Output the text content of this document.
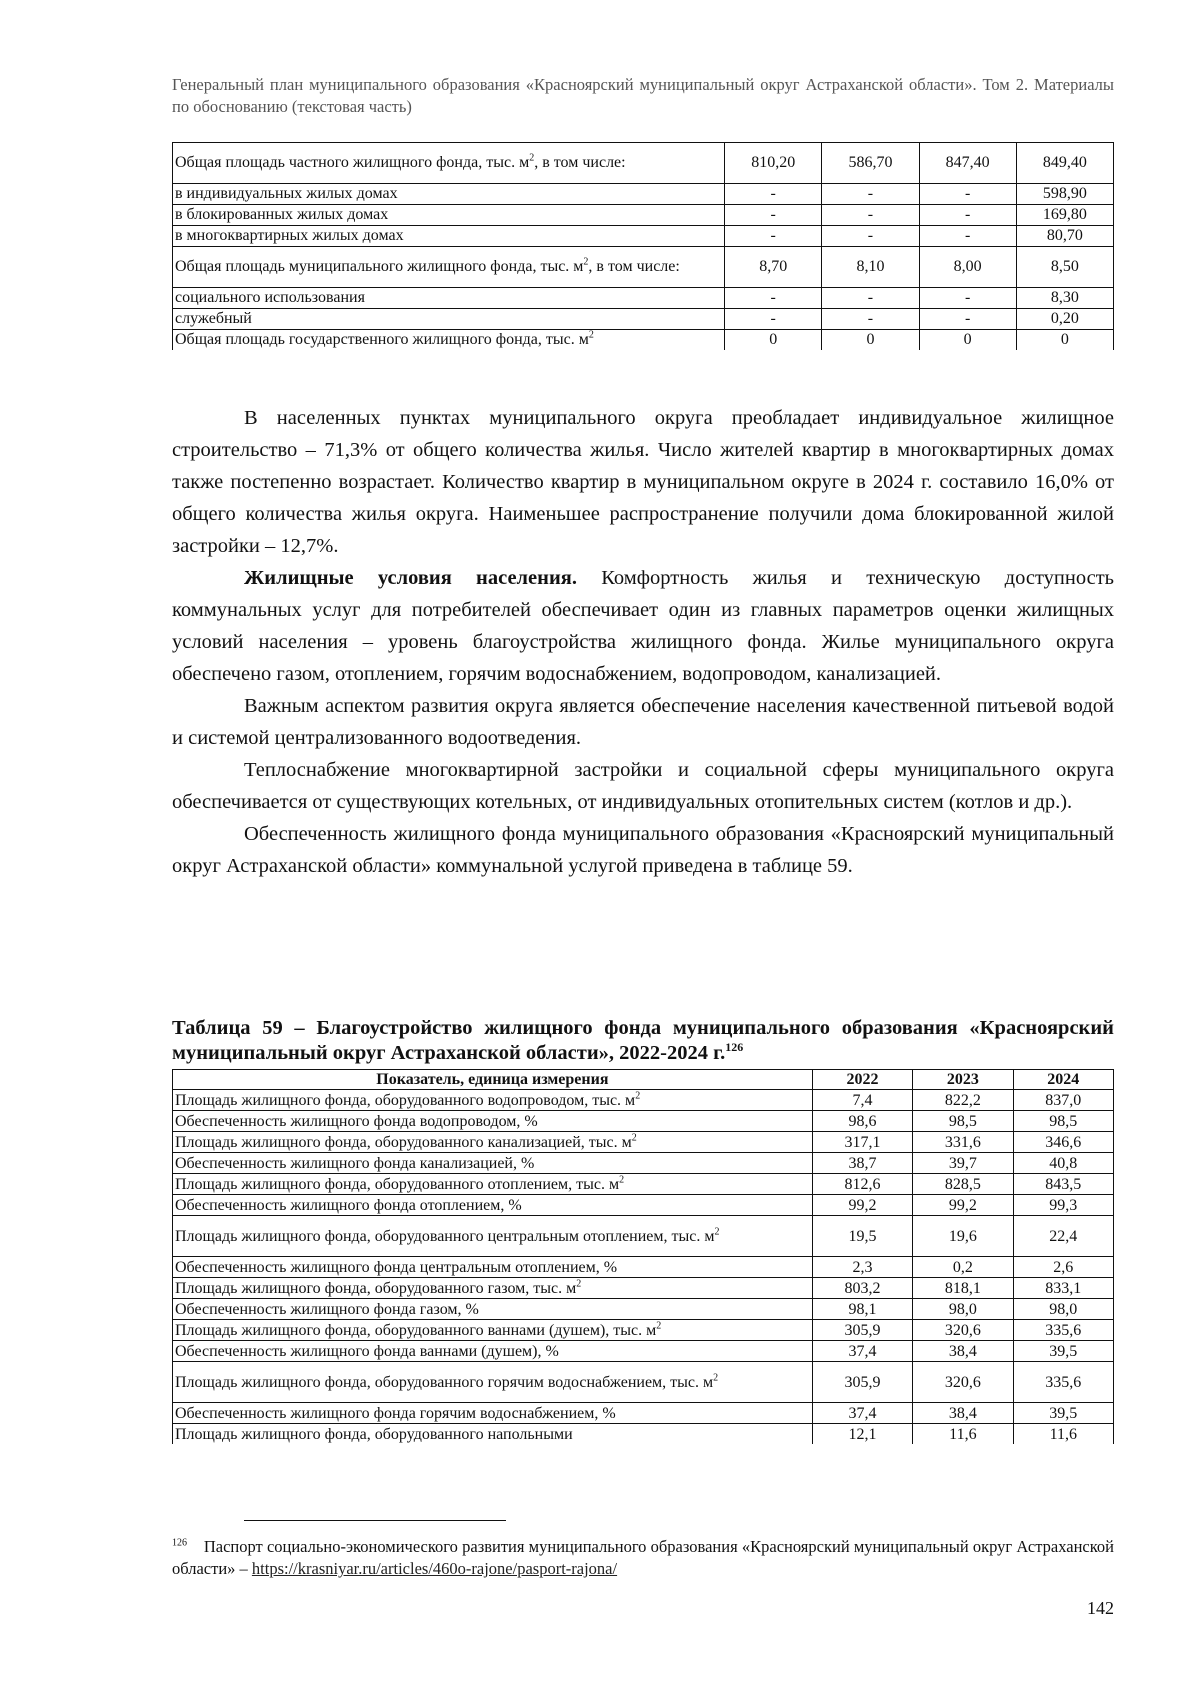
Генеральный план муниципального образования «Красноярский муниципальный округ Астраханской области». Том 2. Материалы по обоснованию (текстовая часть)
Общая площадь частного жилищного фонда, тыс. $м^2$, в том числе:	810,20	586,70	847,40	849,40
в индивидуальных жилых домах	-	-	-	598,90
в блокированных жилых домах	-	-	-	169,80
в многоквартирных жилых домах	-	-	-	80,70
Общая площадь муниципального жилищного фонда, тыс. $м^2$, в том числе:	8,70	8,10	8,00	8,50
социального использования	-	-	-	8,30
служебный	-	-	-	0,20
Общая площадь государственного жилищного фонда, тыс. $м^2$	0	0	0	0

В населенных пунктах муниципального округа преобладает индивидуальное жилищное строительство – 71,3% от общего количества жилья. Число жителей квартир в многоквартирных домах также постепенно возрастает. Количество квартир в муниципальном округе в 2024 г. составило 16,0% от общего количества жилья округа. Наименьшее распространение получили дома блокированной жилой застройки – 12,7%.

Жилищные условия населения. Комфортность жилья и техническую доступность коммунальных услуг для потребителей обеспечивает один из главных параметров оценки жилищных условий населения – уровень благоустройства жилищного фонда. Жилье муниципального округа обеспечено газом, отоплением, горячим водоснабжением, водопроводом, канализацией.

Важным аспектом развития округа является обеспечение населения качественной питьевой водой и системой централизованного водоотведения.

Теплоснабжение многоквартирной застройки и социальной сферы муниципального округа обеспечивается от существующих котельных, от индивидуальных отопительных систем (котлов и др.).

Обеспеченность жилищного фонда муниципального образования «Красноярский муниципальный округ Астраханской области» коммунальной услугой приведена в таблице 59.

Таблица 59 – Благоустройство жилищного фонда муниципального образования «Красноярский муниципальный округ Астраханской области», 2022-2024 г.$^{126}$
Показатель, единица измерения	2022	2023	2024
Площадь жилищного фонда, оборудованного водопроводом, тыс. $м^2$	7,4	822,2	837,0
Обеспеченность жилищного фонда водопроводом, %	98,6	98,5	98,5
Площадь жилищного фонда, оборудованного канализацией, тыс. $м^2$	317,1	331,6	346,6
Обеспеченность жилищного фонда канализацией, %	38,7	39,7	40,8
Площадь жилищного фонда, оборудованного отоплением, тыс. $м^2$	812,6	828,5	843,5
Обеспеченность жилищного фонда отоплением, %	99,2	99,2	99,3
Площадь жилищного фонда, оборудованного центральным отоплением, тыс. $м^2$	19,5	19,6	22,4
Обеспеченность жилищного фонда центральным отоплением, %	2,3	0,2	2,6
Площадь жилищного фонда, оборудованного газом, тыс. $м^2$	803,2	818,1	833,1
Обеспеченность жилищного фонда газом, %	98,1	98,0	98,0
Площадь жилищного фонда, оборудованного ваннами (душем), тыс. $м^2$	305,9	320,6	335,6
Обеспеченность жилищного фонда ваннами (душем), %	37,4	38,4	39,5
Площадь жилищного фонда, оборудованного горячим водоснабжением, тыс. $м^2$	305,9	320,6	335,6
Обеспеченность жилищного фонда горячим водоснабжением, %	37,4	38,4	39,5
Площадь жилищного фонда, оборудованного напольными	12,1	11,6	11,6
$^{126}$ Паспорт социально-экономического развития муниципального образования «Красноярский муниципальный округ Астраханской области» – https://krasniyar.ru/articles/460o-rajone/pasport-rajona/
142
